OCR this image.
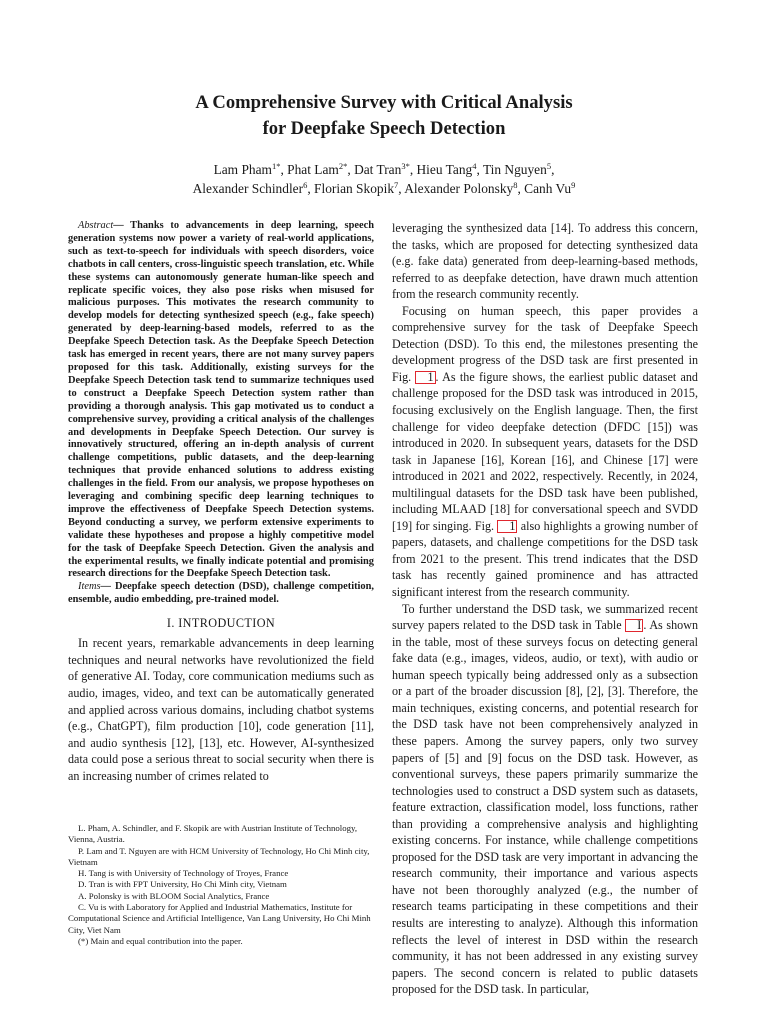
A Comprehensive Survey with Critical Analysis
for Deepfake Speech Detection
Lam Pham$^{1*}$, Phat Lam$^{2*}$, Dat Tran$^{3*}$, Hieu Tang$^4$, Tin Nguyen$^5$,
Alexander Schindler$^6$, Florian Skopik$^7$, Alexander Polonsky$^8$, Canh Vu$^9$

Abstract— Thanks to advancements in deep learning, speech generation systems now power a variety of real-world applications, such as text-to-speech for individuals with speech disorders, voice chatbots in call centers, cross-linguistic speech translation, etc. While these systems can autonomously generate human-like speech and replicate specific voices, they also pose risks when misused for malicious purposes. This motivates the research community to develop models for detecting synthesized speech (e.g., fake speech) generated by deep-learning-based models, referred to as the Deepfake Speech Detection task. As the Deepfake Speech Detection task has emerged in recent years, there are not many survey papers proposed for this task. Additionally, existing surveys for the Deepfake Speech Detection task tend to summarize techniques used to construct a Deepfake Speech Detection system rather than providing a thorough analysis. This gap motivated us to conduct a comprehensive survey, providing a critical analysis of the challenges and developments in Deepfake Speech Detection. Our survey is innovatively structured, offering an in-depth analysis of current challenge competitions, public datasets, and the deep-learning techniques that provide enhanced solutions to address existing challenges in the field. From our analysis, we propose hypotheses on leveraging and combining specific deep learning techniques to improve the effectiveness of Deepfake Speech Detection systems. Beyond conducting a survey, we perform extensive experiments to validate these hypotheses and propose a highly competitive model for the task of Deepfake Speech Detection. Given the analysis and the experimental results, we finally indicate potential and promising research directions for the Deepfake Speech Detection task.

Items— Deepfake speech detection (DSD), challenge competition, ensemble, audio embedding, pre-trained model.

I. INTRODUCTION

In recent years, remarkable advancements in deep learning techniques and neural networks have revolutionized the field of generative AI. Today, core communication mediums such as audio, images, video, and text can be automatically generated and applied across various domains, including chatbot systems (e.g., ChatGPT), film production [10], code generation [11], and audio synthesis [12], [13], etc. However, AI-synthesized data could pose a serious threat to social security when there is an increasing number of crimes related to

L. Pham, A. Schindler, and F. Skopik are with Austrian Institute of Technology, Vienna, Austria.

P. Lam and T. Nguyen are with HCM University of Technology, Ho Chi Minh city, Vietnam

H. Tang is with University of Technology of Troyes, France

D. Tran is with FPT University, Ho Chi Minh city, Vietnam

A. Polonsky is with BLOOM Social Analytics, France

C. Vu is with Laboratory for Applied and Industrial Mathematics, Institute for Computational Science and Artificial Intelligence, Van Lang University, Ho Chi Minh City, Viet Nam

(*) Main and equal contribution into the paper.

leveraging the synthesized data [14]. To address this concern, the tasks, which are proposed for detecting synthesized data (e.g. fake data) generated from deep-learning-based methods, referred to as deepfake detection, have drawn much attention from the research community recently.

Focusing on human speech, this paper provides a comprehensive survey for the task of Deepfake Speech Detection (DSD). To this end, the milestones presenting the development progress of the DSD task are first presented in Fig. 1 . As the figure shows, the earliest public dataset and challenge proposed for the DSD task was introduced in 2015, focusing exclusively on the English language. Then, the first challenge for video deepfake detection (DFDC [15]) was introduced in 2020. In subsequent years, datasets for the DSD task in Japanese [16], Korean [16], and Chinese [17] were introduced in 2021 and 2022, respectively. Recently, in 2024, multilingual datasets for the DSD task have been published, including MLAAD [18] for conversational speech and SVDD [19] for singing. Fig. 1 also highlights a growing number of papers, datasets, and challenge competitions for the DSD task from 2021 to the present. This trend indicates that the DSD task has recently gained prominence and has attracted significant interest from the research community.

To further understand the DSD task, we summarized recent survey papers related to the DSD task in Table I . As shown in the table, most of these surveys focus on detecting general fake data (e.g., images, videos, audio, or text), with audio or human speech typically being addressed only as a subsection or a part of the broader discussion [8], [2], [3]. Therefore, the main techniques, existing concerns, and potential research for the DSD task have not been comprehensively analyzed in these papers. Among the survey papers, only two survey papers of [5] and [9] focus on the DSD task. However, as conventional surveys, these papers primarily summarize the technologies used to construct a DSD system such as datasets, feature extraction, classification model, loss functions, rather than providing a comprehensive analysis and highlighting existing concerns. For instance, while challenge competitions proposed for the DSD task are very important in advancing the research community, their importance and various aspects have not been thoroughly analyzed (e.g., the number of research teams participating in these competitions and their results are interesting to analyze). Although this information reflects the level of interest in DSD within the research community, it has not been addressed in any existing survey papers. The second concern is related to public datasets proposed for the DSD task. In particular,
